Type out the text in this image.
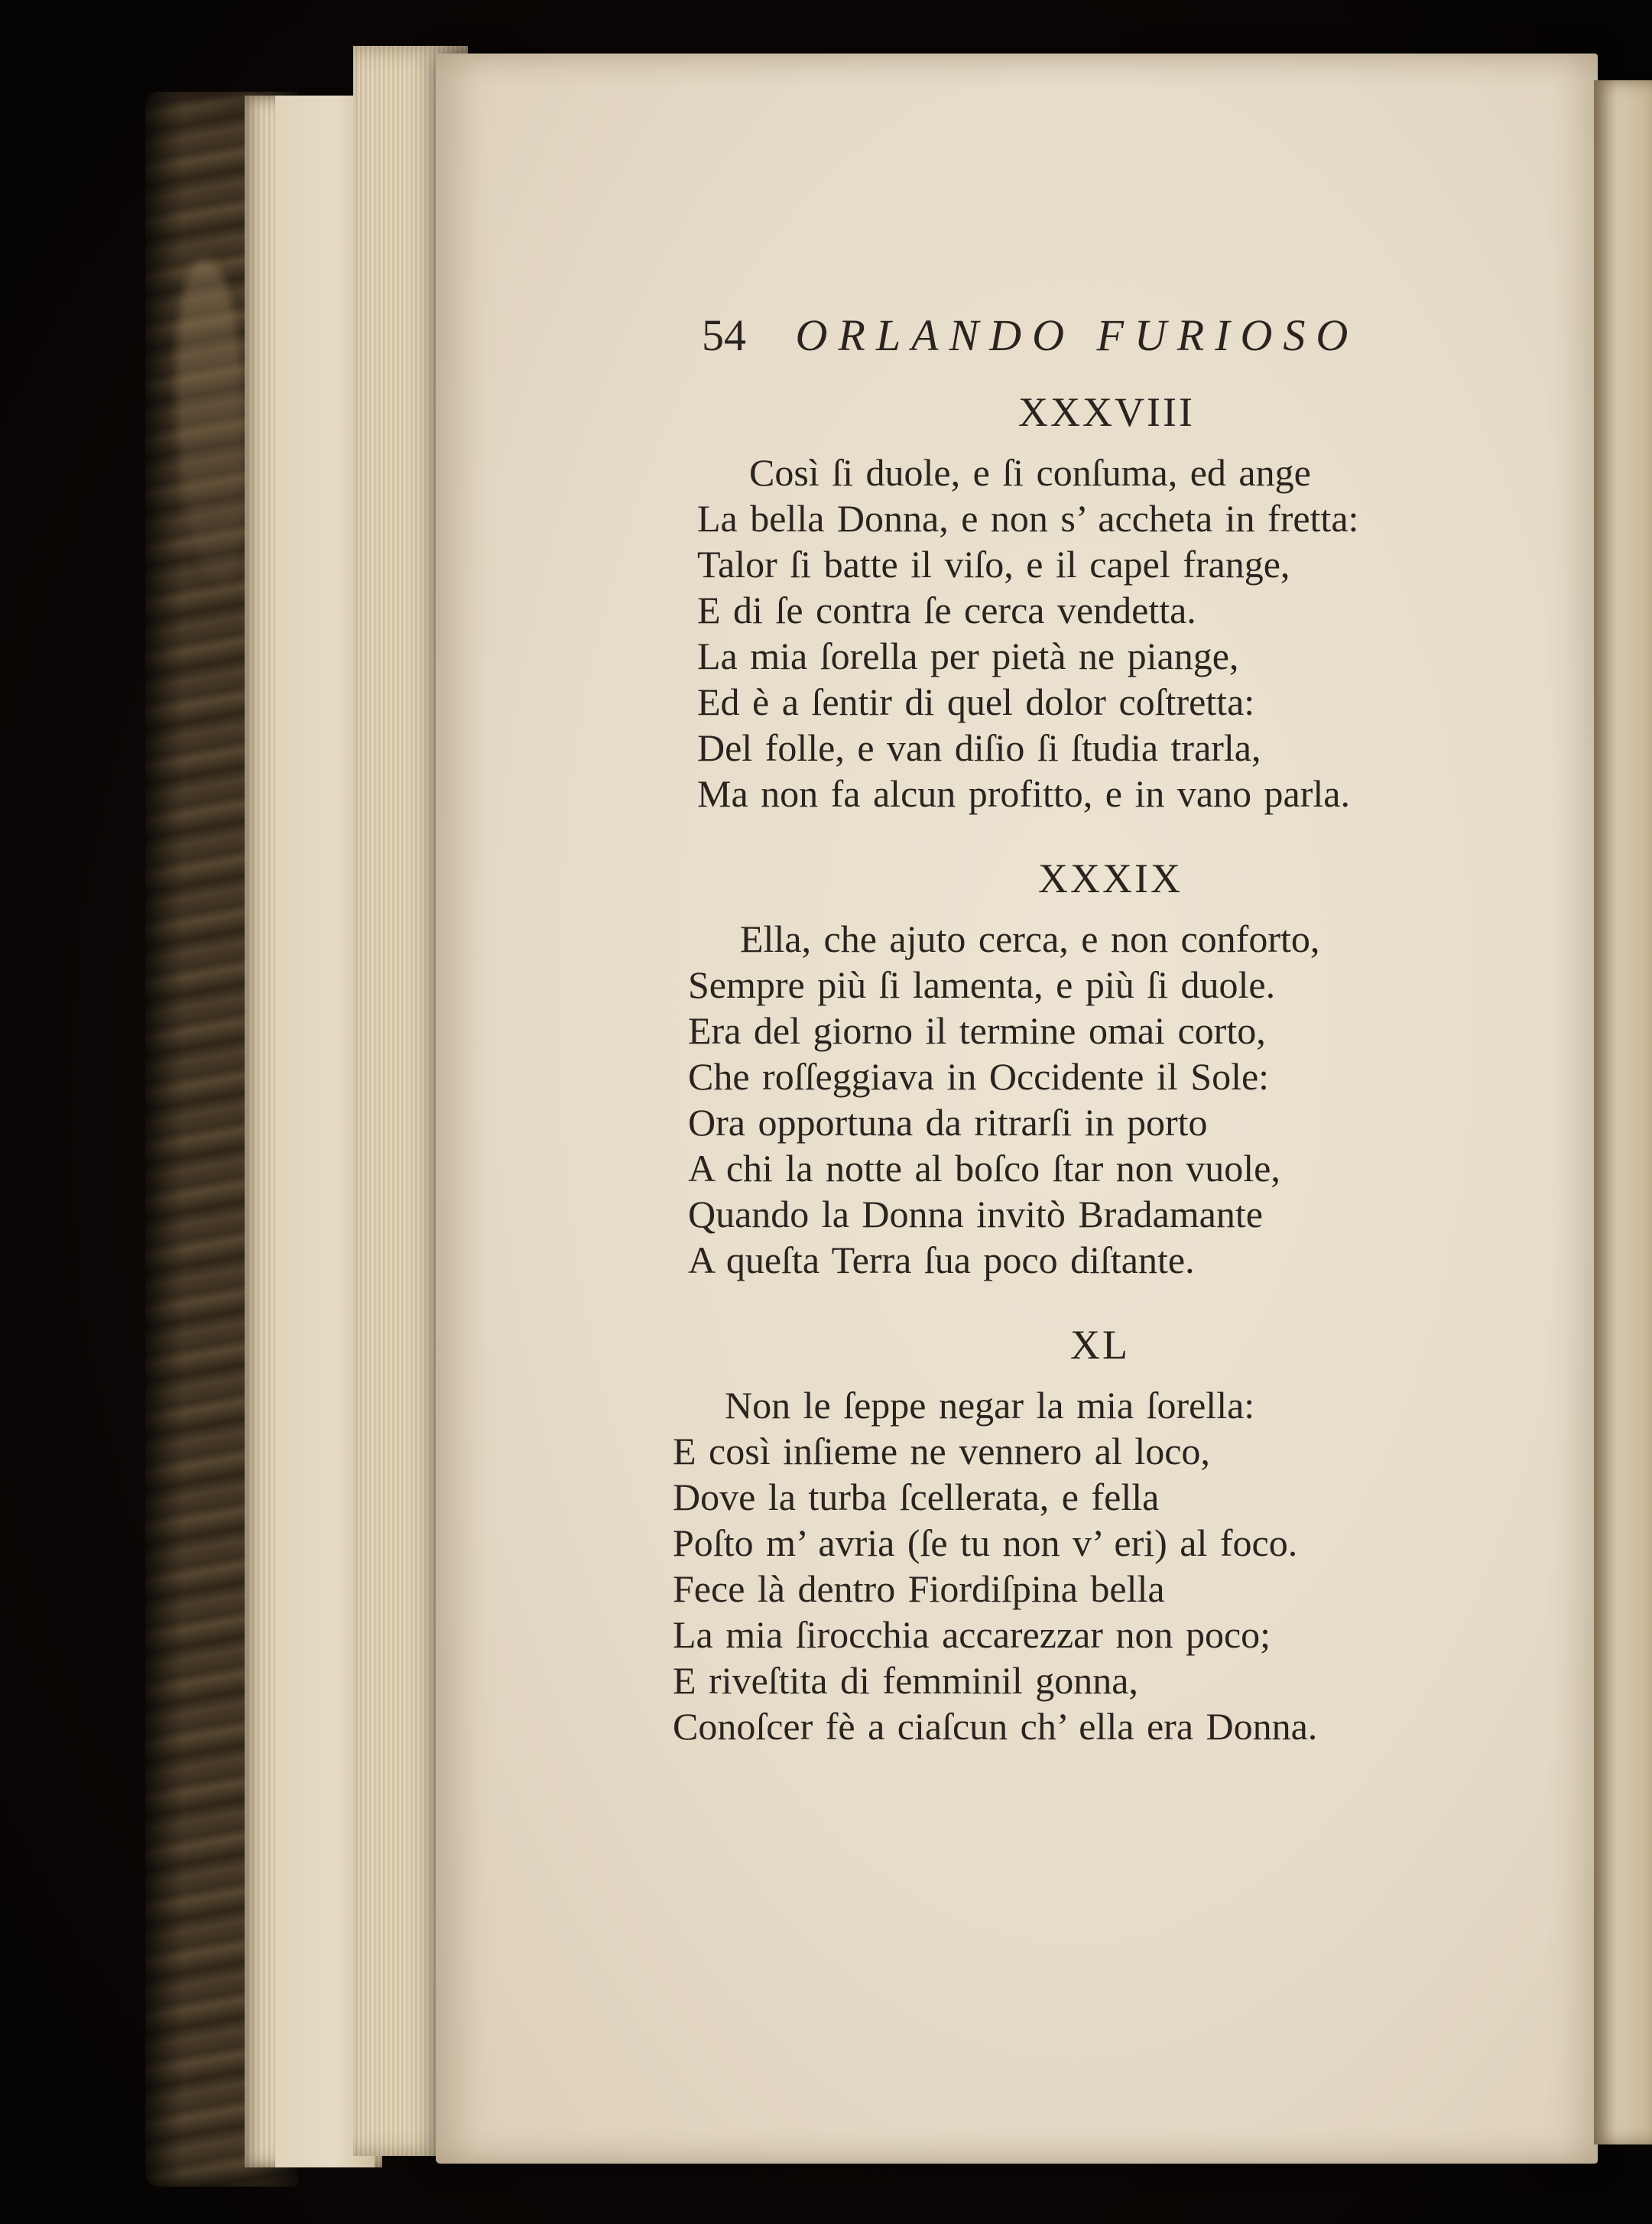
54 ORLANDO FURIOSO
XXXVIII
Così ſi duole, e ſi conſuma, ed ange
La bella Donna, e non s’ accheta in fretta:
Talor ſi batte il viſo, e il capel frange,
E di ſe contra ſe cerca vendetta.
La mia ſorella per pietà ne piange,
Ed è a ſentir di quel dolor coſtretta:
Del folle, e van diſio ſi ſtudia trarla,
Ma non fa alcun profitto, e in vano parla.
XXXIX
Ella, che ajuto cerca, e non conforto,
Sempre più ſi lamenta, e più ſi duole.
Era del giorno il termine omai corto,
Che roſſeggiava in Occidente il Sole:
Ora opportuna da ritrarſi in porto
A chi la notte al boſco ſtar non vuole,
Quando la Donna invitò Bradamante
A queſta Terra ſua poco diſtante.
XL
Non le ſeppe negar la mia ſorella:
E così inſieme ne vennero al loco,
Dove la turba ſcellerata, e fella
Poſto m’ avria (ſe tu non v’ eri) al foco.
Fece là dentro Fiordiſpina bella
La mia ſirocchia accarezzar non poco;
E riveſtita di femminil gonna,
Conoſcer fè a ciaſcun ch’ ella era Donna.
